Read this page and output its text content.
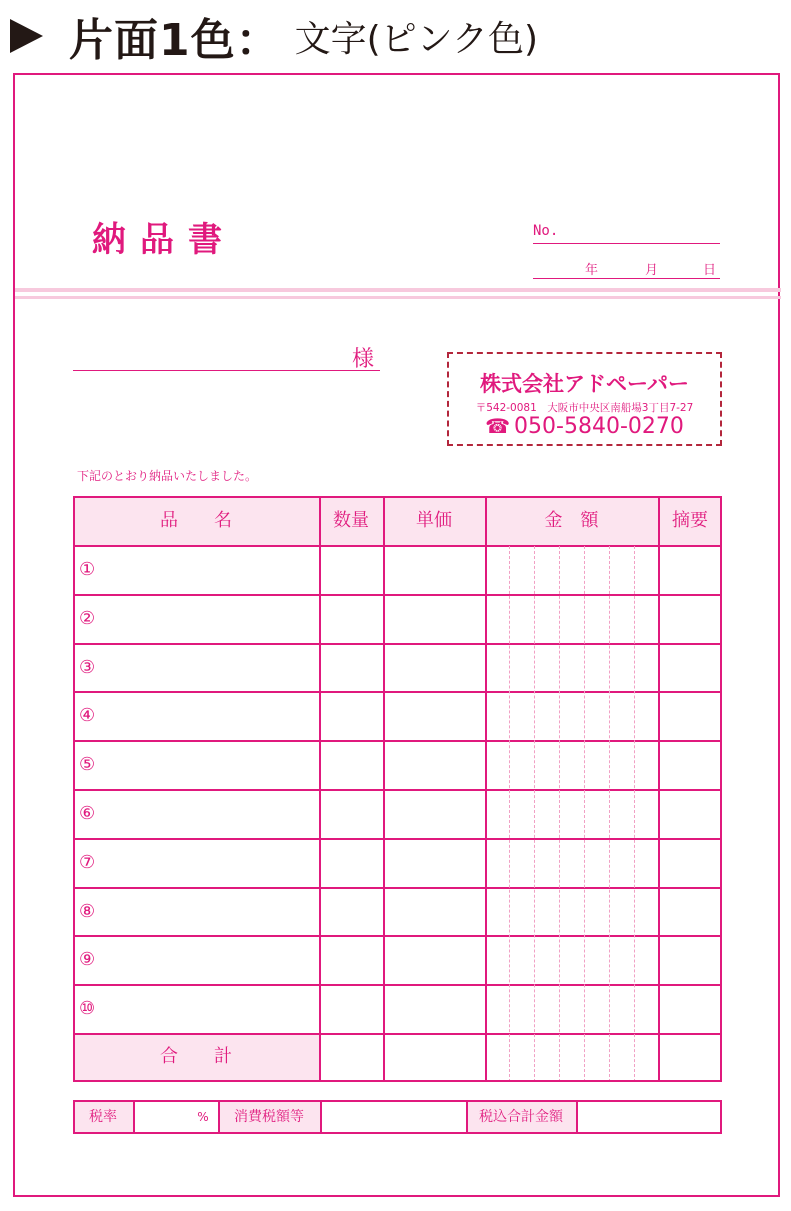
片面1色： 文字(ピンク色)
納品書	No.
年	月	日
様
株式会社アドペーパー
〒542-0081　大阪市中央区南船場3丁目7-27
☎ 050-5840-0270
下記のとおり納品いたしました。
品　　名	数量	単価	金　額	摘要
①
②
③
④
⑤
⑥
⑦
⑧
⑨
⑩
合　　計
税率	%	消費税額等	税込合計金額
